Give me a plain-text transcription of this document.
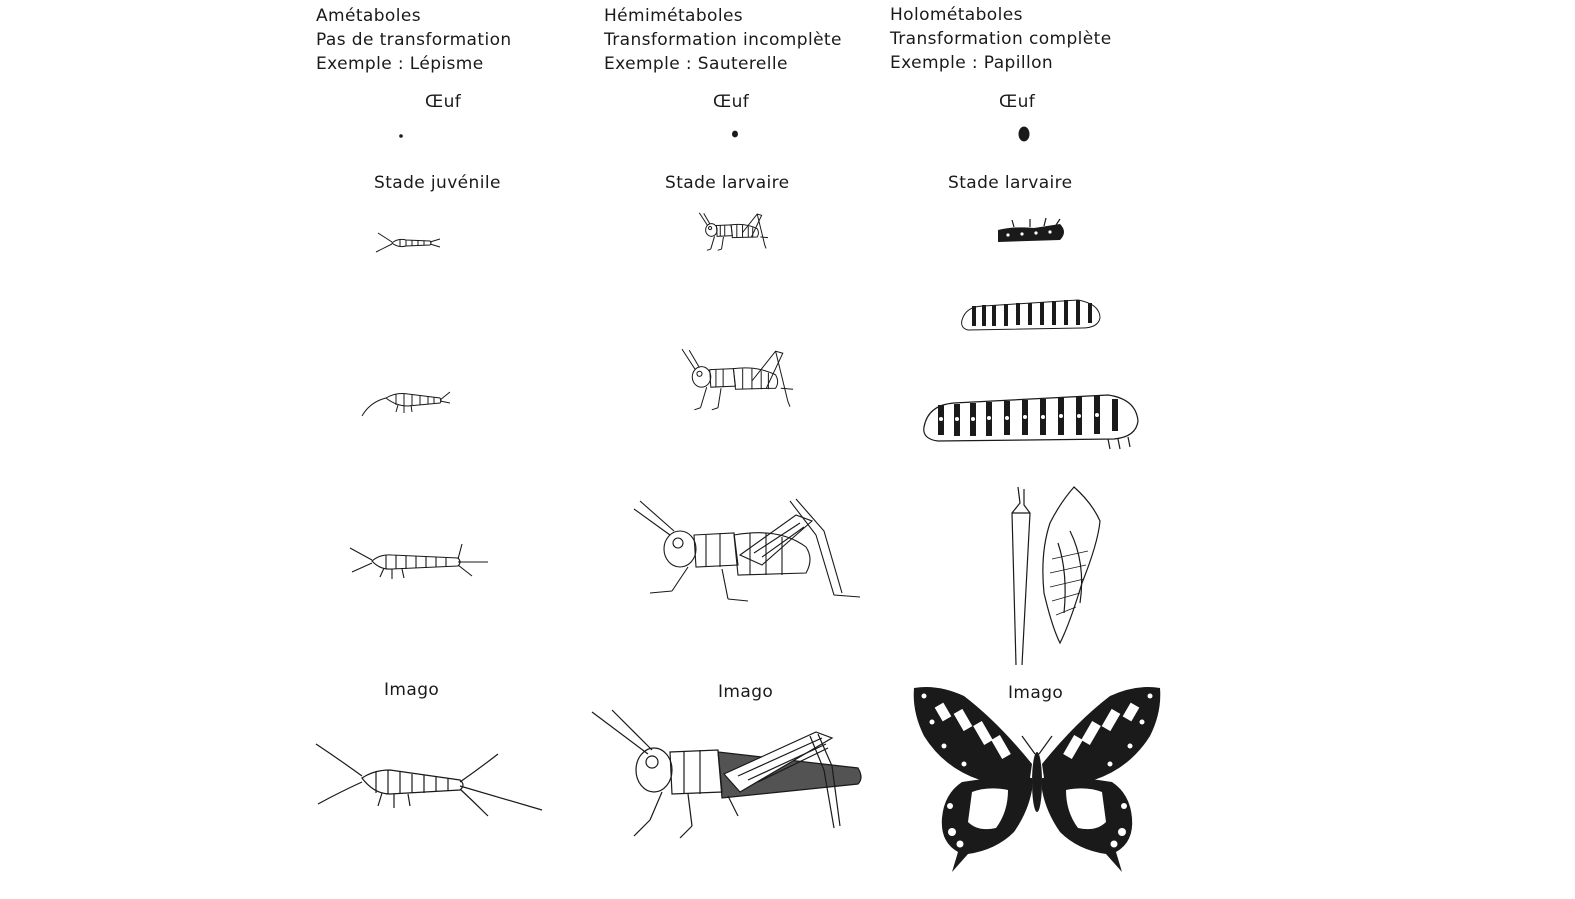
Amétaboles
Pas de transformation
Exemple : Lépisme
Œuf
Stade juvénile
Imago
Hémimétaboles
Transformation incomplète
Exemple : Sauterelle
Œuf
Stade larvaire
Imago
Holométaboles
Transformation complète
Exemple : Papillon
Œuf
Stade larvaire
Imago
